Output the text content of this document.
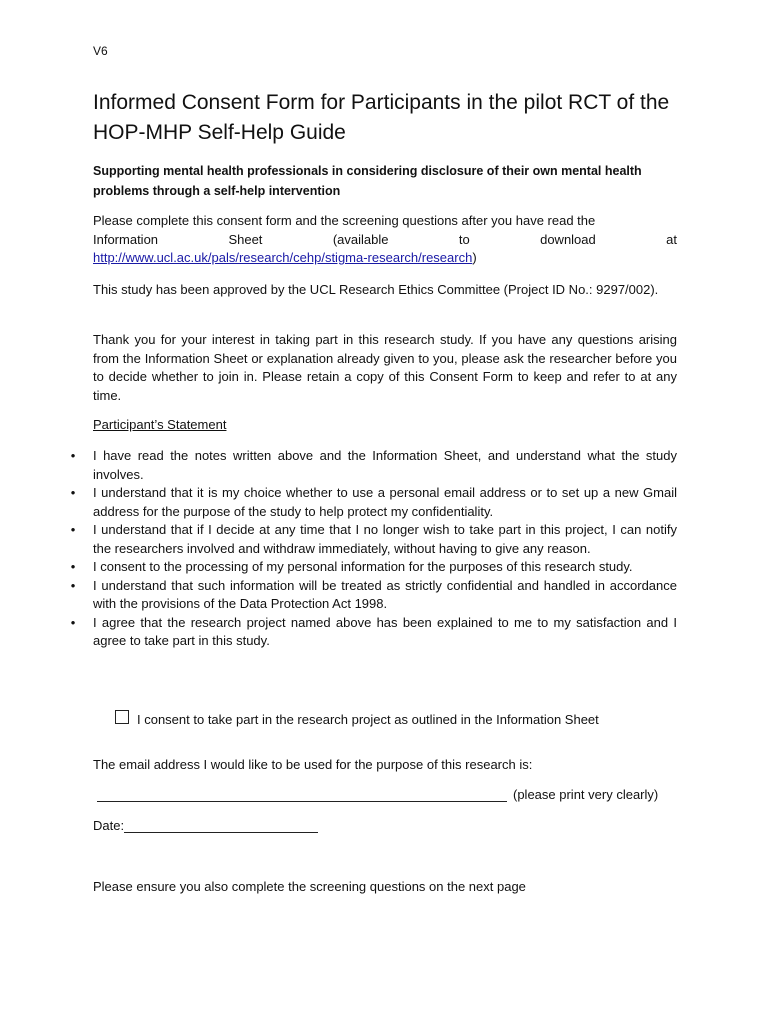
V6
Informed Consent Form for Participants in the pilot RCT of the HOP-MHP Self-Help Guide

Supporting mental health professionals in considering disclosure of their own mental health problems through a self-help intervention

Please complete this consent form and the screening questions after you have read the
Information	Sheet	(available	to	download	at
http://www.ucl.ac.uk/pals/research/cehp/stigma-research/research)

This study has been approved by the UCL Research Ethics Committee (Project ID No.: 9297/002).

Thank you for your interest in taking part in this research study. If you have any questions arising from the Information Sheet or explanation already given to you, please ask the researcher before you to decide whether to join in. Please retain a copy of this Consent Form to keep and refer to at any time.

Participant’s Statement

• I have read the notes written above and the Information Sheet, and understand what the study involves.
• I understand that it is my choice whether to use a personal email address or to set up a new Gmail address for the purpose of the study to help protect my confidentiality.
• I understand that if I decide at any time that I no longer wish to take part in this project, I can notify the researchers involved and withdraw immediately, without having to give any reason.
• I consent to the processing of my personal information for the purposes of this research study.
• I understand that such information will be treated as strictly confidential and handled in accordance with the provisions of the Data Protection Act 1998.
• I agree that the research project named above has been explained to me to my satisfaction and I agree to take part in this study.
I consent to take part in the research project as outlined in the Information Sheet

The email address I would like to be used for the purpose of this research is:

(please print very clearly)
Date:

Please ensure you also complete the screening questions on the next page
